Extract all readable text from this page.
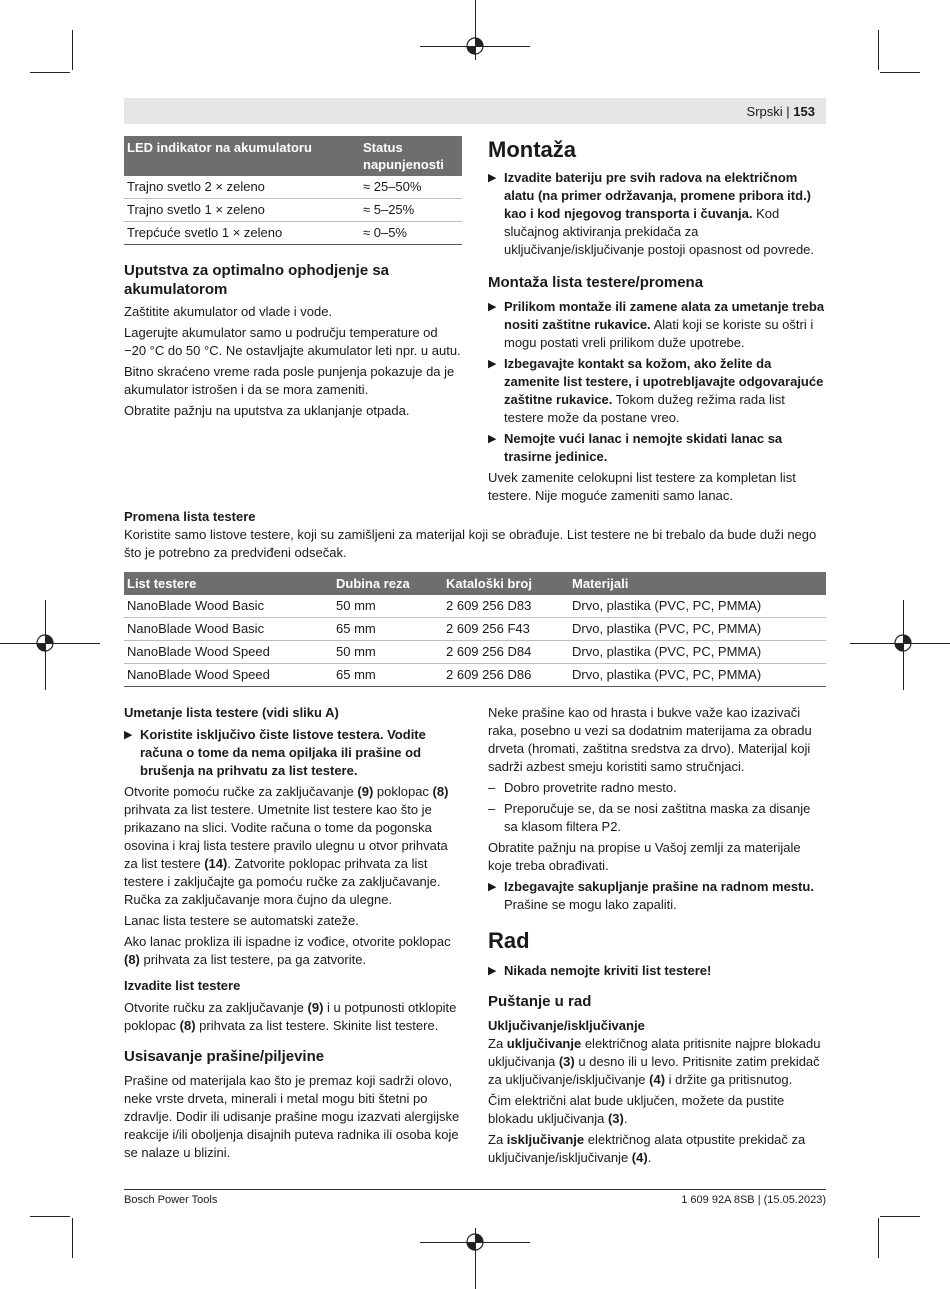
Srpski | 153
LED indikator na akumulatoru	Status napunjenosti
Trajno svetlo 2 × zeleno	≈ 25–50%
Trajno svetlo 1 × zeleno	≈ 5–25%
Trepćuće svetlo 1 × zeleno	≈ 0–5%
Uputstva za optimalno ophodjenje sa akumulatorom

Zaštitite akumulator od vlade i vode.

Lagerujte akumulator samo u području temperature od −20 °C do 50 °C. Ne ostavljajte akumulator leti npr. u autu.

Bitno skraćeno vreme rada posle punjenja pokazuje da je akumulator istrošen i da se mora zameniti.

Obratite pažnju na uputstva za uklanjanje otpada.

Montaža
▶ Izvadite bateriju pre svih radova na električnom alatu (na primer održavanja, promene pribora itd.) kao i kod njegovog transporta i čuvanja. Kod slučajnog aktiviranja prekidača za uključivanje/isključivanje postoji opasnost od povrede.
Montaža lista testere/promena
▶ Prilikom montaže ili zamene alata za umetanje treba nositi zaštitne rukavice. Alati koji se koriste su oštri i mogu postati vreli prilikom duže upotrebe.
▶ Izbegavajte kontakt sa kožom, ako želite da zamenite list testere, i upotrebljavajte odgovarajuće zaštitne rukavice. Tokom dužeg režima rada list testere može da postane vreo.
▶ Nemojte vući lanac i nemojte skidati lanac sa trasirne jedinice.

Uvek zamenite celokupni list testere za kompletan list testere. Nije moguće zameniti samo lanac.

Promena lista testere

Koristite samo listove testere, koji su zamišljeni za materijal koji se obrađuje. List testere ne bi trebalo da bude duži nego što je potrebno za predviđeni odsečak.

List testere	Dubina reza	Kataloški broj	Materijali
NanoBlade Wood Basic	50 mm	2 609 256 D83	Drvo, plastika (PVC, PC, PMMA)
NanoBlade Wood Basic	65 mm	2 609 256 F43	Drvo, plastika (PVC, PC, PMMA)
NanoBlade Wood Speed	50 mm	2 609 256 D84	Drvo, plastika (PVC, PC, PMMA)
NanoBlade Wood Speed	65 mm	2 609 256 D86	Drvo, plastika (PVC, PC, PMMA)
Umetanje lista testere (vidi sliku A)
▶ Koristite isključivo čiste listove testera. Vodite računa o tome da nema opiljaka ili prašine od brušenja na prihvatu za list testere.

Otvorite pomoću ručke za zaključavanje (9) poklopac (8) prihvata za list testere. Umetnite list testere kao što je prikazano na slici. Vodite računa o tome da pogonska osovina i kraj lista testere pravilo ulegnu u otvor prihvata za list testere (14). Zatvorite poklopac prihvata za list testere i zaključajte ga pomoću ručke za zaključavanje. Ručka za zaključavanje mora čujno da ulegne.

Lanac lista testere se automatski zateže.

Ako lanac prokliza ili ispadne iz vođice, otvorite poklopac (8) prihvata za list testere, pa ga zatvorite.

Izvadite list testere

Otvorite ručku za zaključavanje (9) i u potpunosti otklopite poklopac (8) prihvata za list testere. Skinite list testere.

Usisavanje prašine/piljevine

Prašine od materijala kao što je premaz koji sadrži olovo, neke vrste drveta, minerali i metal mogu biti štetni po zdravlje. Dodir ili udisanje prašine mogu izazvati alergijske reakcije i/ili oboljenja disajnih puteva radnika ili osoba koje se nalaze u blizini.

Neke prašine kao od hrasta i bukve važe kao izazivači raka, posebno u vezi sa dodatnim materijama za obradu drveta (hromati, zaštitna sredstva za drvo). Materijal koji sadrži azbest smeju koristiti samo stručnjaci.

– Dobro provetrite radno mesto.
– Preporučuje se, da se nosi zaštitna maska za disanje sa klasom filtera P2.

Obratite pažnju na propise u Vašoj zemlji za materijale koje treba obrađivati.

▶ Izbegavajte sakupljanje prašine na radnom mestu.
Prašine se mogu lako zapaliti.
Rad
▶ Nikada nemojte kriviti list testere!
Puštanje u rad
Uključivanje/isključivanje

Za uključivanje električnog alata pritisnite najpre blokadu uključivanja (3) u desno ili u levo. Pritisnite zatim prekidač za uključivanje/isključivanje (4) i držite ga pritisnutog.

Čim električni alat bude uključen, možete da pustite blokadu uključivanja (3).

Za isključivanje električnog alata otpustite prekidač za uključivanje/isključivanje (4).

Bosch Power Tools	1 609 92A 8SB | (15.05.2023)
